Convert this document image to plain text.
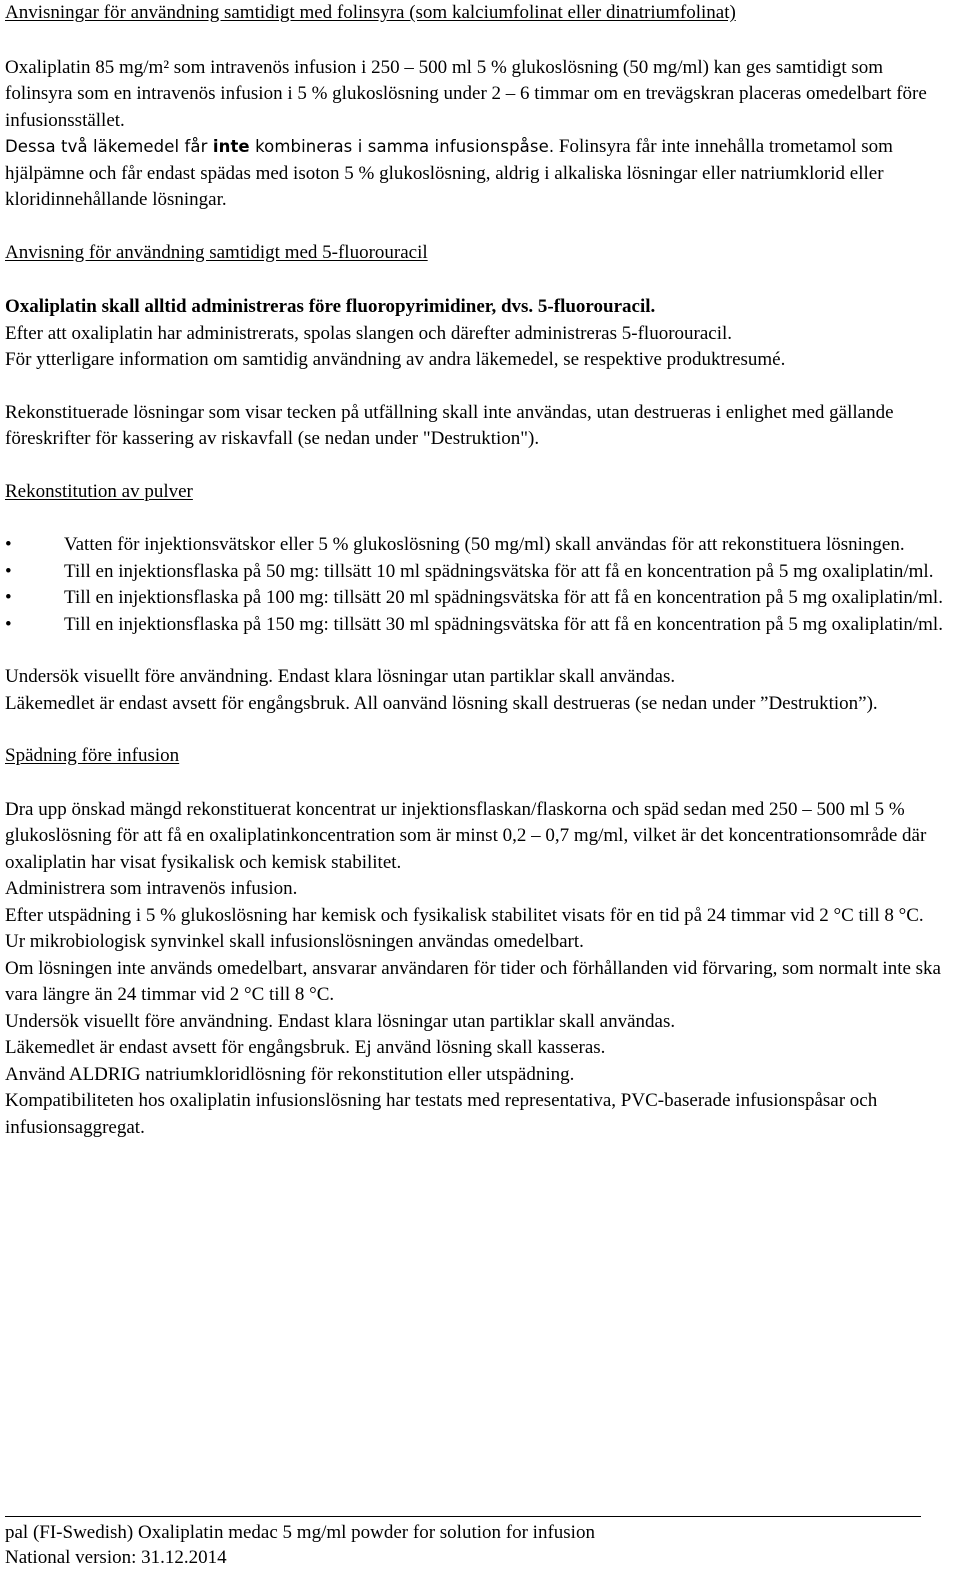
Anvisningar för användning samtidigt med folinsyra (som kalciumfolinat eller dinatriumfolinat)
Oxaliplatin 85 mg/m² som intravenös infusion i 250 – 500 ml 5 % glukoslösning (50 mg/ml) kan ges samtidigt som folinsyra som en intravenös infusion i 5 % glukoslösning under 2 – 6 timmar om en trevägskran placeras omedelbart före infusionsstället.
Dessa två läkemedel får inte kombineras i samma infusionspåse. Folinsyra får inte innehålla trometamol som hjälpämne och får endast spädas med isoton 5 % glukoslösning, aldrig i alkaliska lösningar eller natriumklorid eller kloridinnehållande lösningar.
Anvisning för användning samtidigt med 5-fluorouracil
Oxaliplatin skall alltid administreras före fluoropyrimidiner, dvs. 5-fluorouracil.
Efter att oxaliplatin har administrerats, spolas slangen och därefter administreras 5-fluorouracil.
För ytterligare information om samtidig användning av andra läkemedel, se respektive produktresumé.
Rekonstituerade lösningar som visar tecken på utfällning skall inte användas, utan destrueras i enlighet med gällande föreskrifter för kassering av riskavfall (se nedan under "Destruktion").
Rekonstitution av pulver
•	Vatten för injektionsvätskor eller 5 % glukoslösning (50 mg/ml) skall användas för att rekonstituera lösningen.
•	Till en injektionsflaska på 50 mg: tillsätt 10 ml spädningsvätska för att få en koncentration på 5 mg oxaliplatin/ml.
•	Till en injektionsflaska på 100 mg: tillsätt 20 ml spädningsvätska för att få en koncentration på 5 mg oxaliplatin/ml.
•	Till en injektionsflaska på 150 mg: tillsätt 30 ml spädningsvätska för att få en koncentration på 5 mg oxaliplatin/ml.
Undersök visuellt före användning. Endast klara lösningar utan partiklar skall användas.
Läkemedlet är endast avsett för engångsbruk. All oanvänd lösning skall destrueras (se nedan under ”Destruktion”).
Spädning före infusion
Dra upp önskad mängd rekonstituerat koncentrat ur injektionsflaskan/flaskorna och späd sedan med 250 – 500 ml 5 % glukoslösning för att få en oxaliplatinkoncentration som är minst 0,2 – 0,7 mg/ml, vilket är det koncentrationsområde där oxaliplatin har visat fysikalisk och kemisk stabilitet.
Administrera som intravenös infusion.
Efter utspädning i 5 % glukoslösning har kemisk och fysikalisk stabilitet visats för en tid på 24 timmar vid 2 °C till 8 °C.
Ur mikrobiologisk synvinkel skall infusionslösningen användas omedelbart.
Om lösningen inte används omedelbart, ansvarar användaren för tider och förhållanden vid förvaring, som normalt inte ska vara längre än 24 timmar vid 2 °C till 8 °C.
Undersök visuellt före användning. Endast klara lösningar utan partiklar skall användas.
Läkemedlet är endast avsett för engångsbruk. Ej använd lösning skall kasseras.
Använd ALDRIG natriumkloridlösning för rekonstitution eller utspädning.
Kompatibiliteten hos oxaliplatin infusionslösning har testats med representativa, PVC-baserade infusionspåsar och infusionsaggregat.
pal (FI-Swedish) Oxaliplatin medac 5 mg/ml powder for solution for infusion
National version: 31.12.2014
